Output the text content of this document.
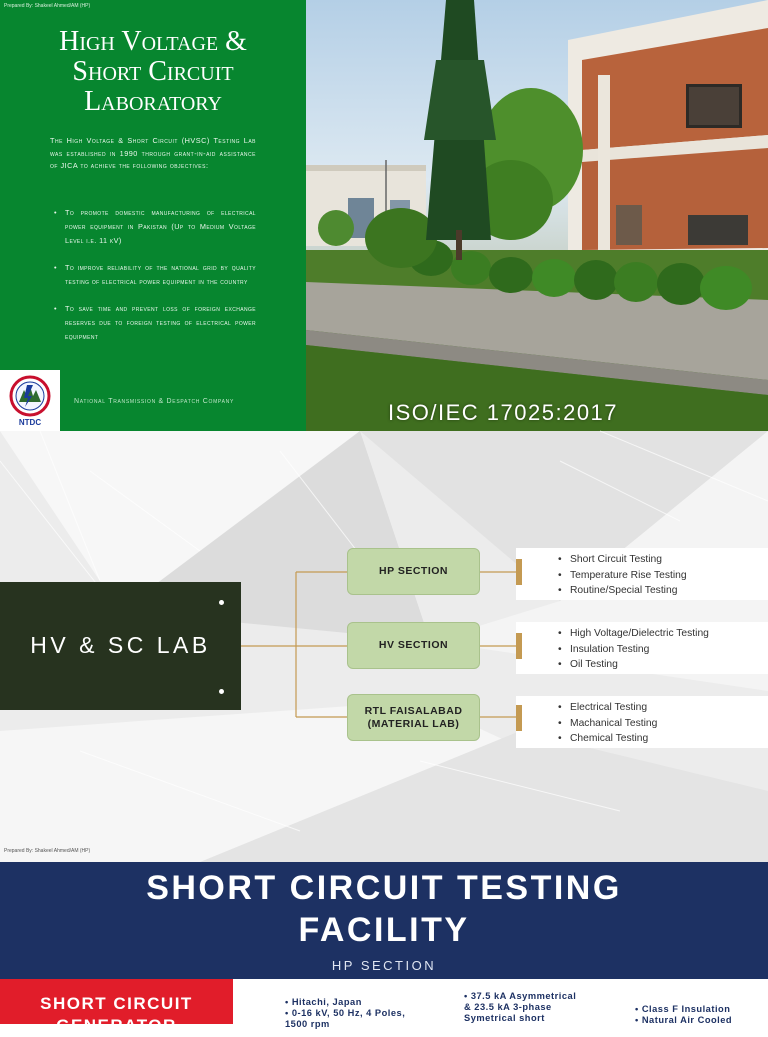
Prepared By: Shakeel Ahmed/AM (HP)
High Voltage &
Short Circuit
Laboratory
The High Voltage & Short Circuit (HVSC) Testing Lab was established in 1990 through grant-in-aid assistance of JICA to achieve the following objectives:
• To promote domestic manufacturing of electrical power equipment in Pakistan (Up to Medium Voltage Level i.e. 11 kV)
• To improve reliability of the national grid by quality testing of electrical power equipment in the country
• To save time and prevent loss of foreign exchange reserves due to foreign testing of electrical power equipment
NTDC
National Transmission & Despatch Company	ISO/IEC 17025:2017
HV & SC LAB
HP SECTION
HV SECTION
RTL FAISALABAD
(MATERIAL LAB)
• Short Circuit Testing
• Temperature Rise Testing
• Routine/Special Testing
• High Voltage/Dielectric Testing
• Insulation Testing
• Oil Testing
• Electrical Testing
• Machanical Testing
• Chemical Testing
Prepared By: Shakeel Ahmed/AM (HP)
SHORT CIRCUIT TESTING
FACILITY
HP SECTION
SHORT CIRCUIT
GENERATOR
• Hitachi, Japan
• 0-16 kV, 50 Hz, 4 Poles,
1500 rpm
• 37.5 kA Asymmetrical
& 23.5 kA 3-phase
Symetrical short
• Class F Insulation
• Natural Air Cooled
